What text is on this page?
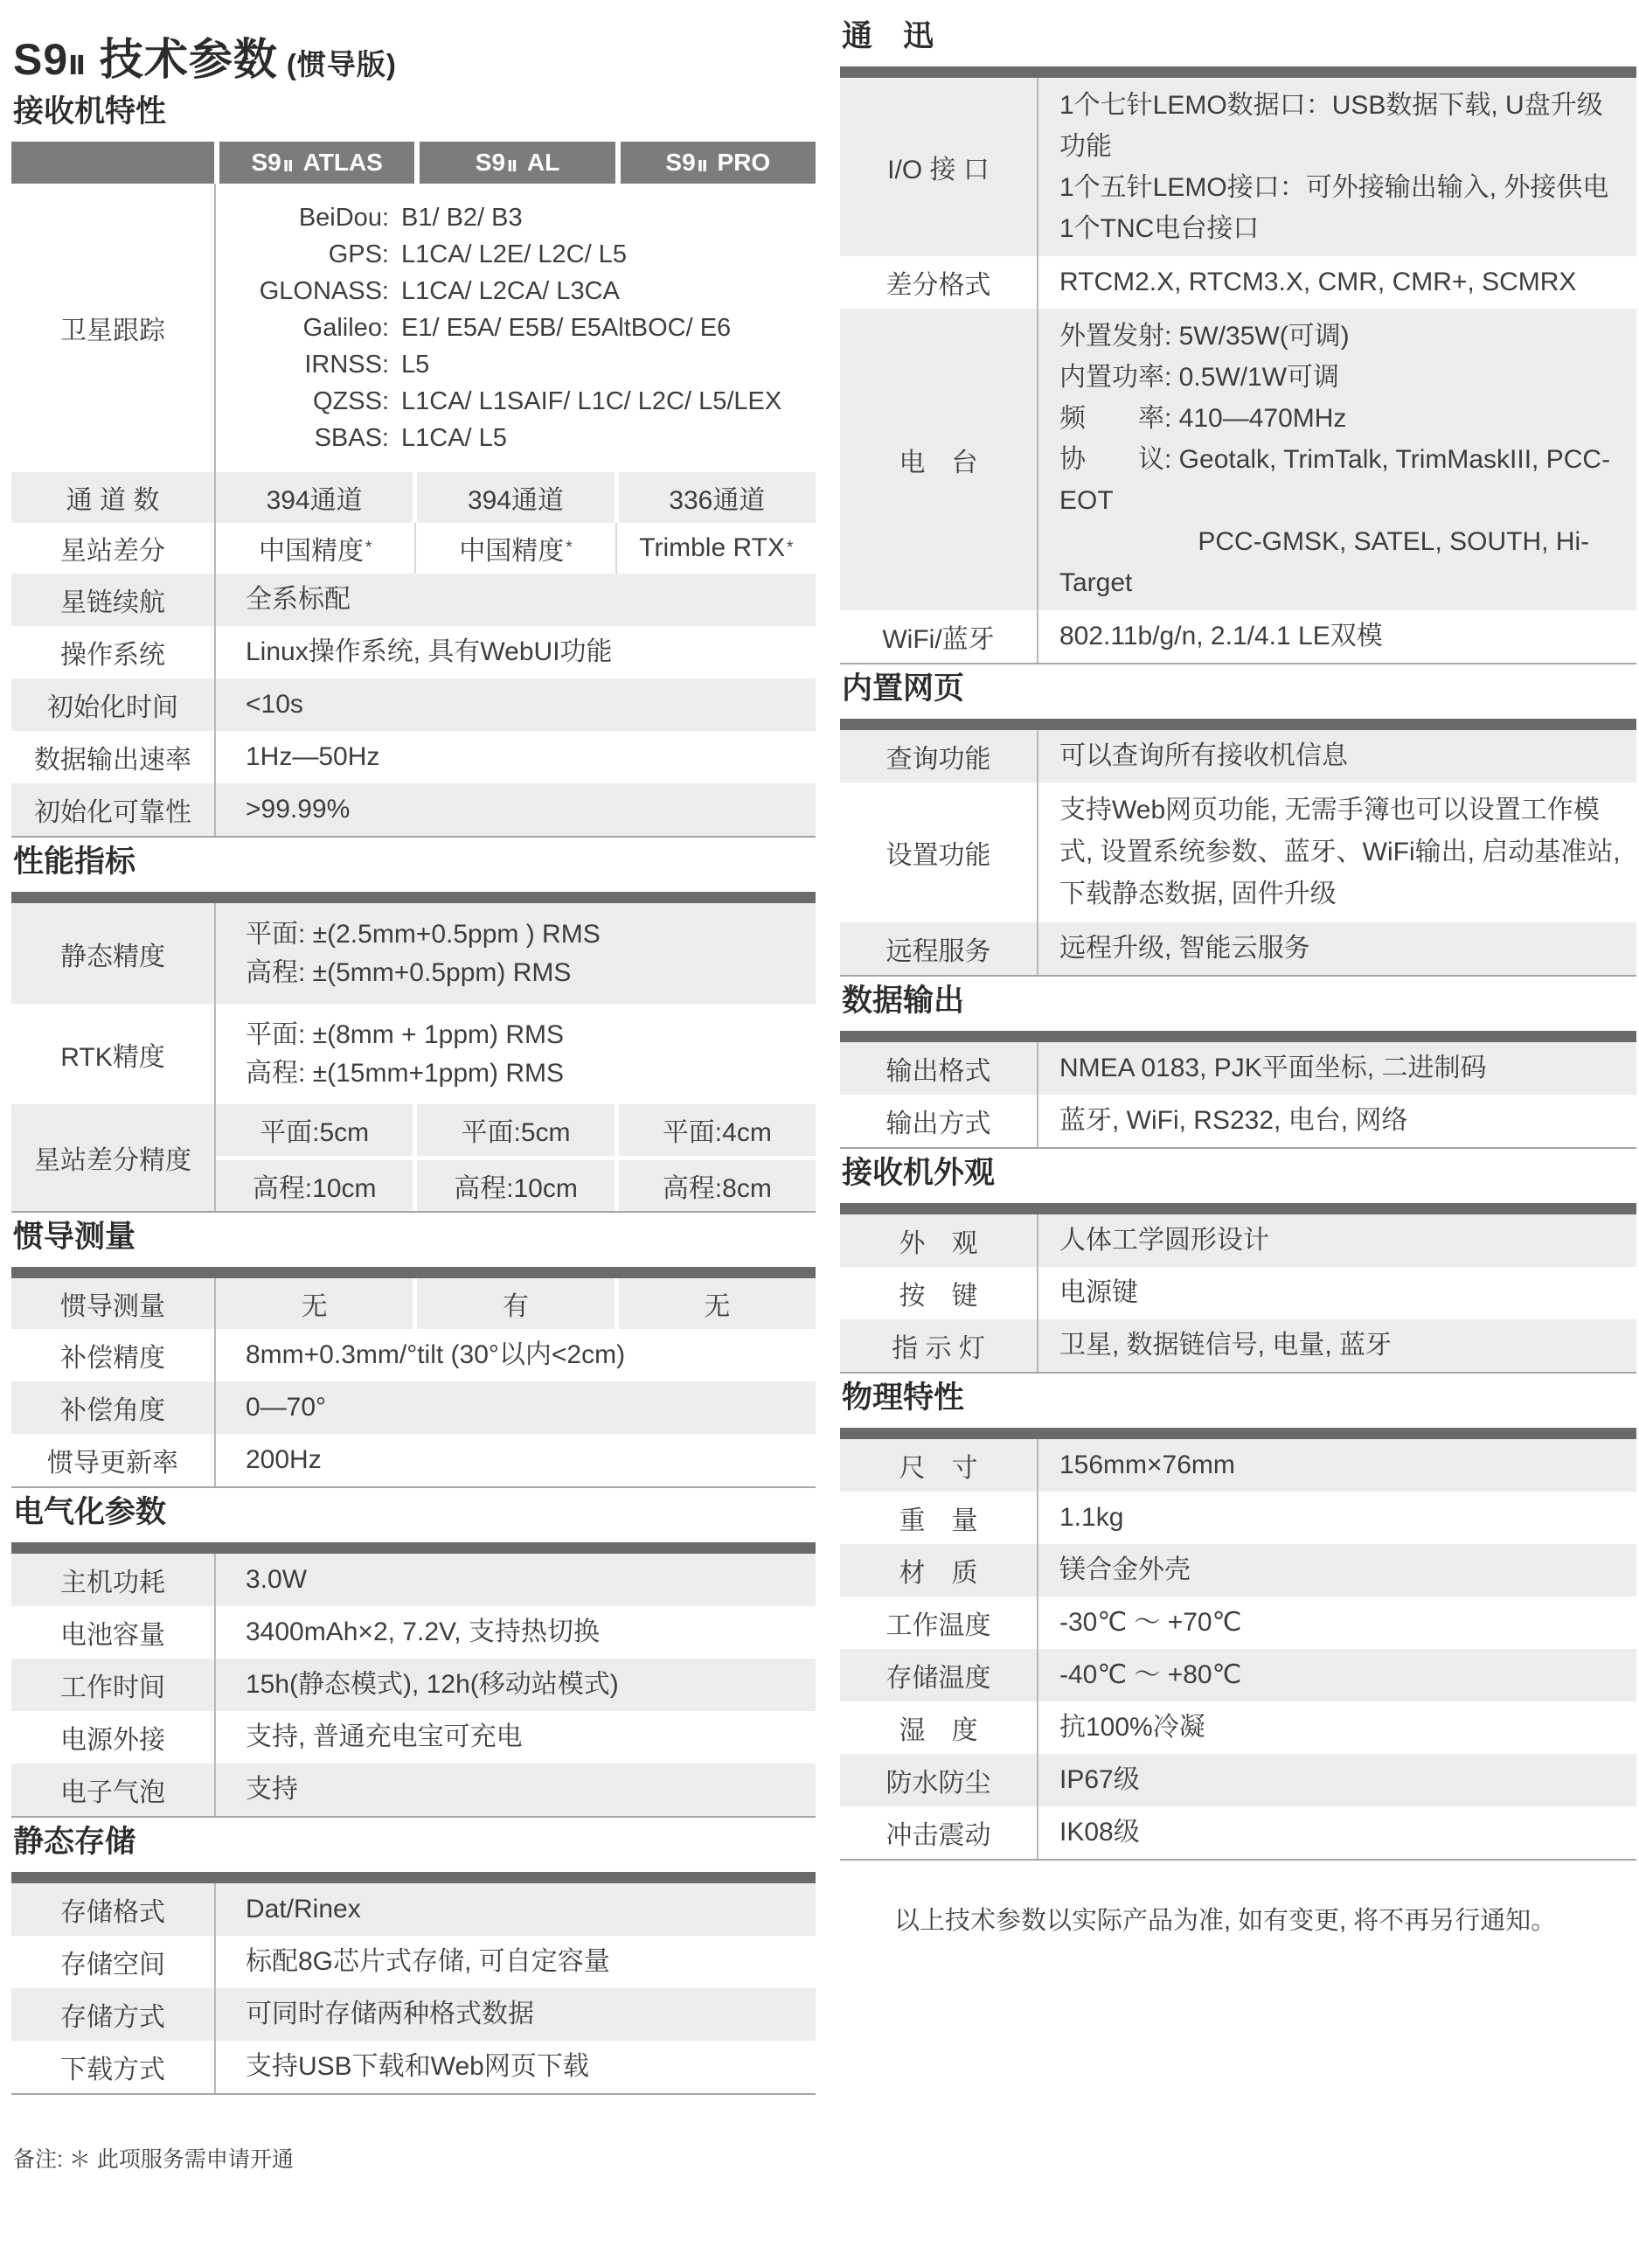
S9Ⅱ 技术参数 (惯导版)
接收机特性
S9 Ⅱ ATLAS	S9 Ⅱ AL	S9 Ⅱ PRO
卫星跟踪
BeiDou: B1/ B2/ B3
GPS: L1CA/ L2E/ L2C/ L5
GLONASS: L1CA/ L2CA/ L3CA
Galileo: E1/ E5A/ E5B/ E5AltBOC/ E6
IRNSS: L5
QZSS: L1CA/ L1SAIF/ L1C/ L2C/ L5/LEX
SBAS: L1CA/ L5
通 道 数	394通道	394通道	336通道
星站差分	中国精度 *	中国精度 *	Trimble RTX *
星链续航	全系标配
操作系统	Linux操作系统, 具有WebUI功能
初始化时间	<10s
数据输出速率	1Hz—50Hz
初始化可靠性	>99.99%
性能指标
静态精度
平面: ±(2.5mm+0.5ppm ) RMS
高程: ±(5mm+0.5ppm) RMS
RTK精度
平面: ±(8mm + 1ppm) RMS
高程: ±(15mm+1ppm) RMS
星站差分精度
平面:5cm	平面:5cm	平面:4cm
高程:10cm	高程:10cm	高程:8cm
惯导测量
惯导测量	无	有	无
补偿精度	8mm+0.3mm/°tilt (30°以内<2cm)
补偿角度	0—70°
惯导更新率	200Hz
电气化参数
主机功耗	3.0W
电池容量	3400mAh×2, 7.2V, 支持热切换
工作时间	15h(静态模式), 12h(移动站模式)
电源外接	支持, 普通充电宝可充电
电子气泡	支持
静态存储
存储格式	Dat/Rinex
存储空间	标配8G芯片式存储, 可自定容量
存储方式	可同时存储两种格式数据
下载方式	支持USB下载和Web网页下载
备注: ＊ 此项服务需申请开通
通　迅
I/O 接 口
1个七针LEMO数据口：USB数据下载, U盘升级功能
1个五针LEMO接口：可外接输出输入, 外接供电
1个TNC电台接口
差分格式	RTCM2.X, RTCM3.X, CMR, CMR+, SCMRX
电　台
外置发射: 5W/35W(可调)
内置功率: 0.5W/1W可调
频　　率: 410—470MHz
协　　议: Geotalk, TrimTalk, TrimMaskIII, PCC-EOT
　　　　　 PCC-GMSK, SATEL, SOUTH, Hi-Target
WiFi/蓝牙	802.11b/g/n, 2.1/4.1 LE双模
内置网页
查询功能	可以查询所有接收机信息
设置功能
支持Web网页功能, 无需手簿也可以设置工作模式, 设置系统参数、蓝牙、WiFi输出, 启动基准站, 下载静态数据, 固件升级
远程服务	远程升级, 智能云服务
数据输出
输出格式	NMEA 0183, PJK平面坐标, 二进制码
输出方式	蓝牙, WiFi, RS232, 电台, 网络
接收机外观
外　观	人体工学圆形设计
按　键	电源键
指 示 灯	卫星, 数据链信号, 电量, 蓝牙
物理特性
尺　寸	156mm×76mm
重　量	1.1kg
材　质	镁合金外壳
工作温度	-30℃ ～ +70℃
存储温度	-40℃ ～ +80℃
湿　度	抗100%冷凝
防水防尘	IP67级
冲击震动	IK08级
以上技术参数以实际产品为准, 如有变更, 将不再另行通知。
